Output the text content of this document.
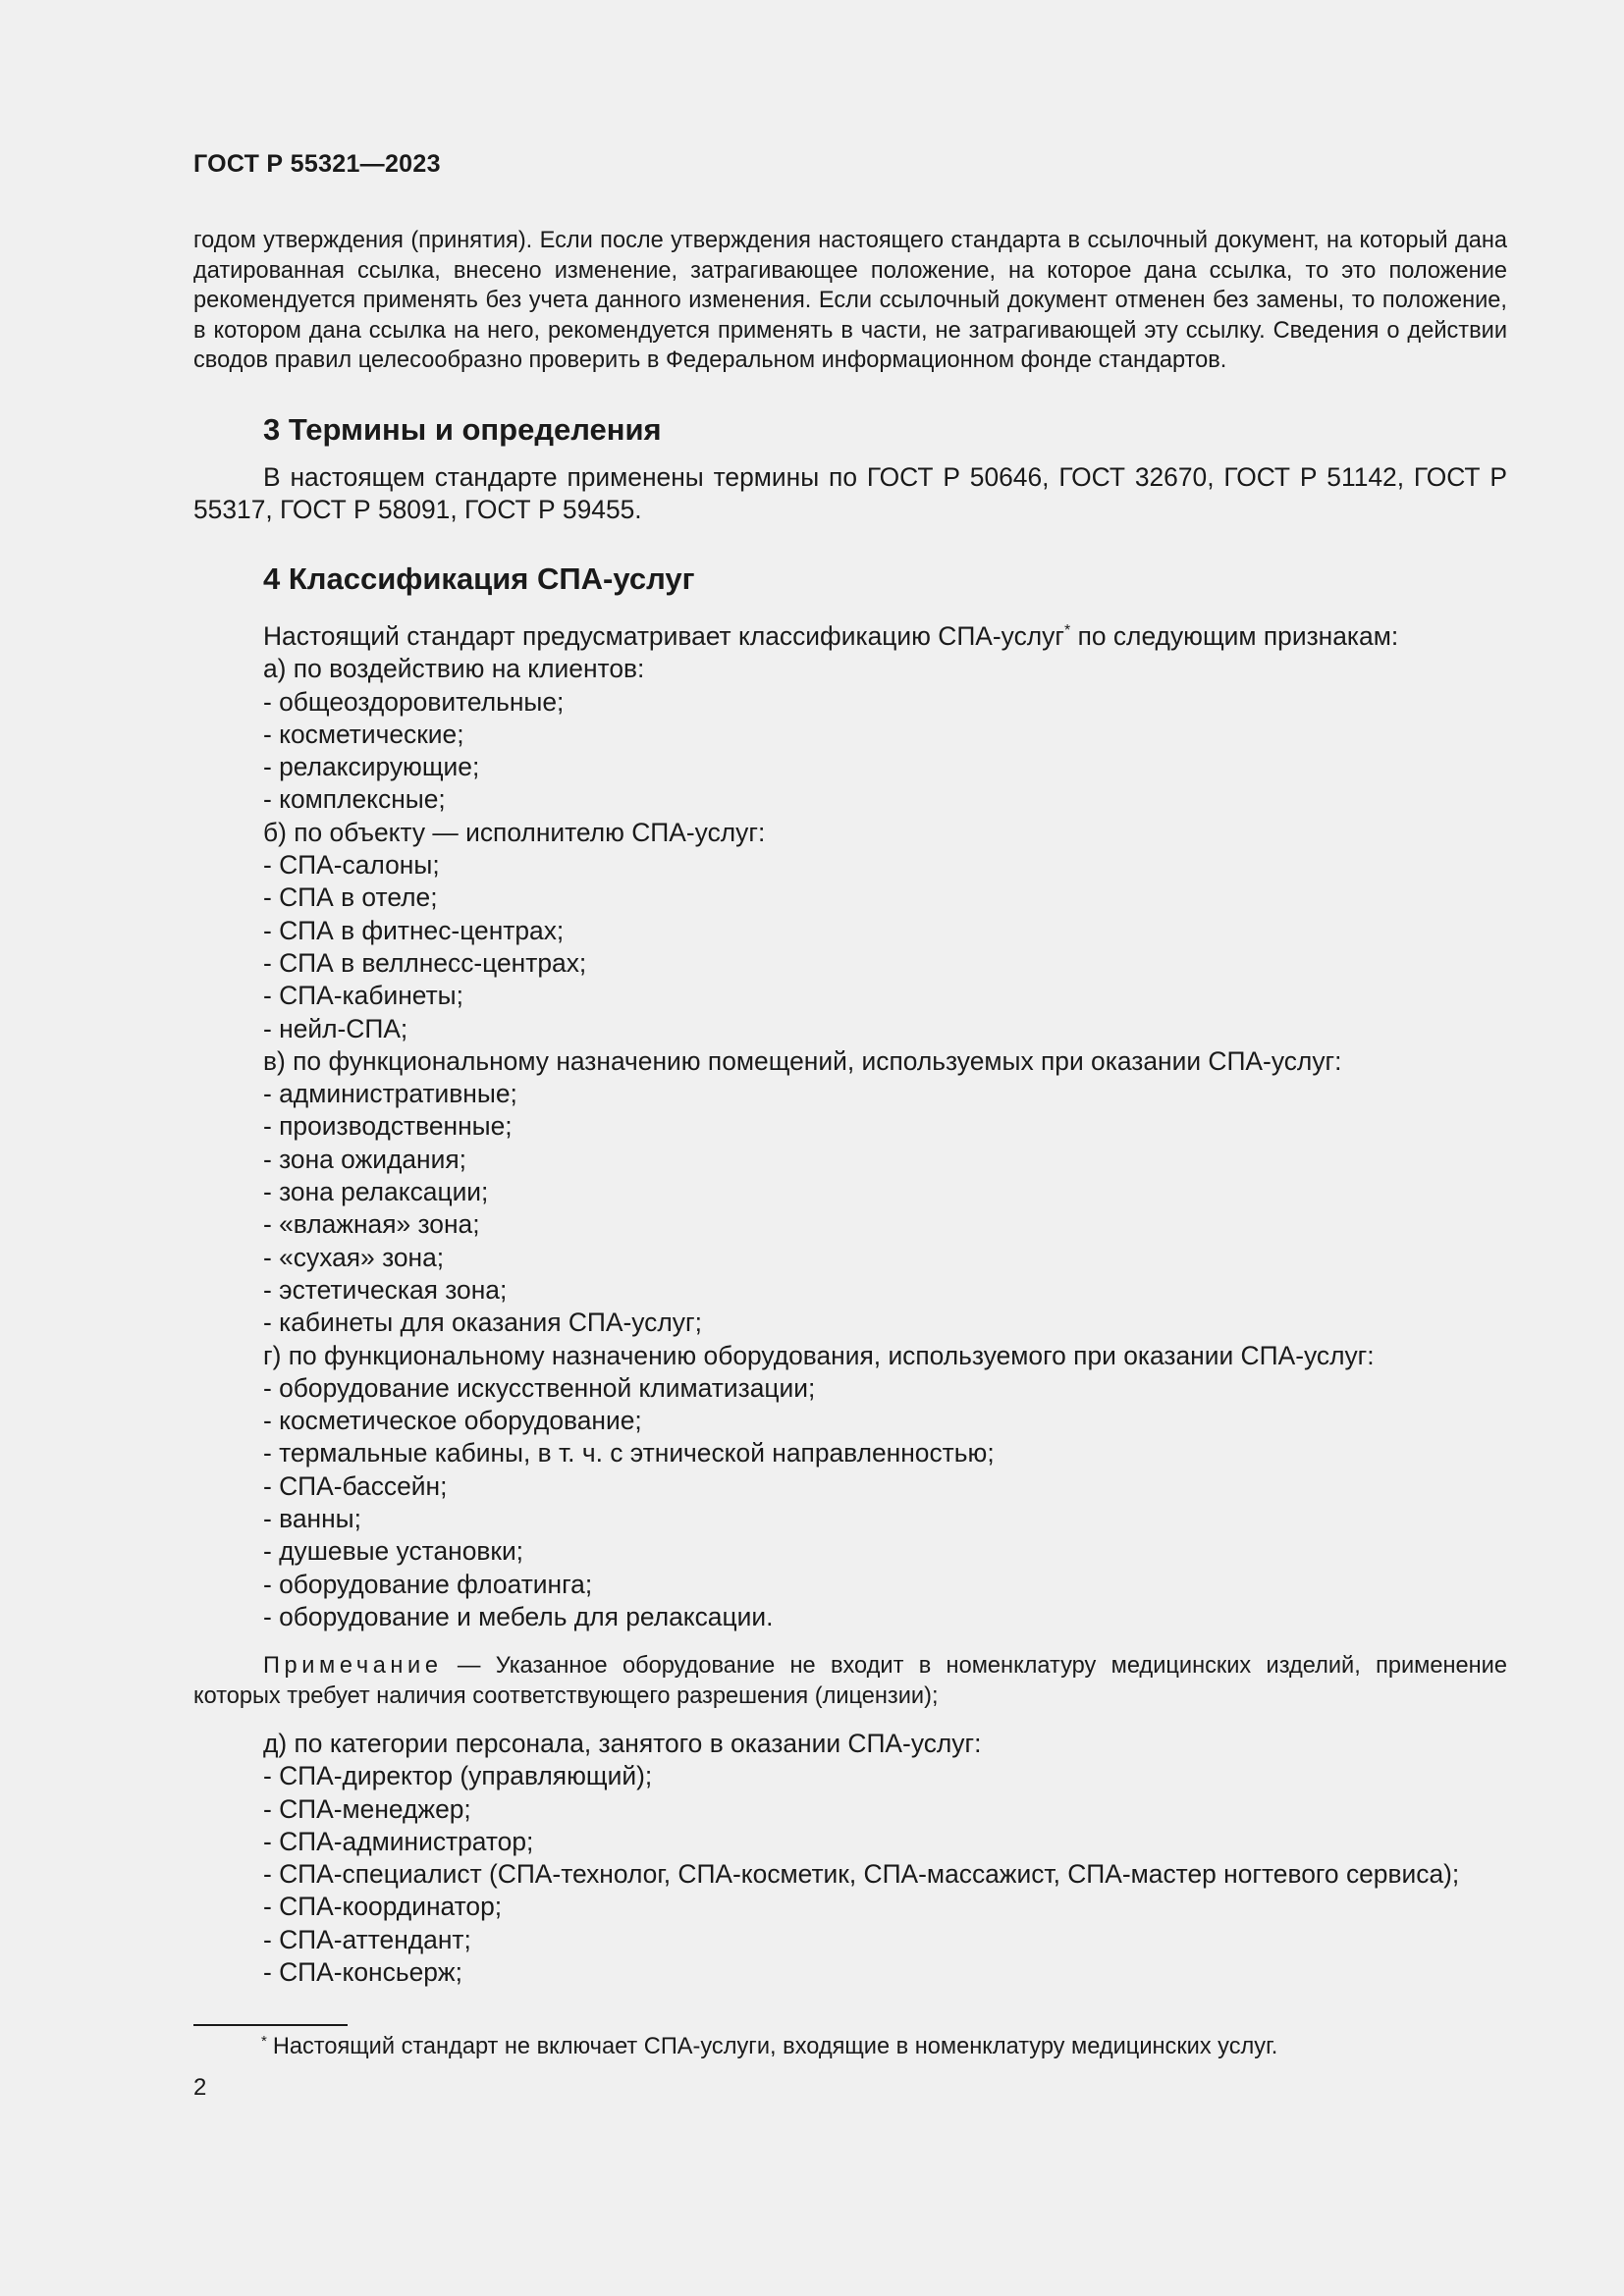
ГОСТ Р 55321—2023

годом утверждения (принятия). Если после утверждения настоящего стандарта в ссылочный документ, на который дана датированная ссылка, внесено изменение, затрагивающее положение, на которое дана ссылка, то это положение рекомендуется применять без учета данного изменения. Если ссылочный документ отменен без замены, то положение, в котором дана ссылка на него, рекомендуется применять в части, не затрагивающей эту ссылку. Сведения о действии сводов правил целесообразно проверить в Федеральном информационном фонде стандартов.

3 Термины и определения

В настоящем стандарте применены термины по ГОСТ Р 50646, ГОСТ 32670, ГОСТ Р 51142, ГОСТ Р 55317, ГОСТ Р 58091, ГОСТ Р 59455.

4 Классификация СПА-услуг
Настоящий стандарт предусматривает классификацию СПА-услуг* по следующим признакам:
а) по воздействию на клиентов:
- общеоздоровительные;
- косметические;
- релаксирующие;
- комплексные;
б) по объекту — исполнителю СПА-услуг:
- СПА-салоны;
- СПА в отеле;
- СПА в фитнес-центрах;
- СПА в веллнесс-центрах;
- СПА-кабинеты;
- нейл-СПА;
в) по функциональному назначению помещений, используемых при оказании СПА-услуг:
- административные;
- производственные;
- зона ожидания;
- зона релаксации;
- «влажная» зона;
- «сухая» зона;
- эстетическая зона;
- кабинеты для оказания СПА-услуг;
г) по функциональному назначению оборудования, используемого при оказании СПА-услуг:
- оборудование искусственной климатизации;
- косметическое оборудование;
- термальные кабины, в т. ч. с этнической направленностью;
- СПА-бассейн;
- ванны;
- душевые установки;
- оборудование флоатинга;
- оборудование и мебель для релаксации.

Примечание — Указанное оборудование не входит в номенклатуру медицинских изделий, применение которых требует наличия соответствующего разрешения (лицензии);

д) по категории персонала, занятого в оказании СПА-услуг:
- СПА-директор (управляющий);
- СПА-менеджер;
- СПА-администратор;
- СПА-специалист (СПА-технолог, СПА-косметик, СПА-массажист, СПА-мастер ногтевого сервиса);
- СПА-координатор;
- СПА-аттендант;
- СПА-консьерж;
* Настоящий стандарт не включает СПА-услуги, входящие в номенклатуру медицинских услуг.
2
